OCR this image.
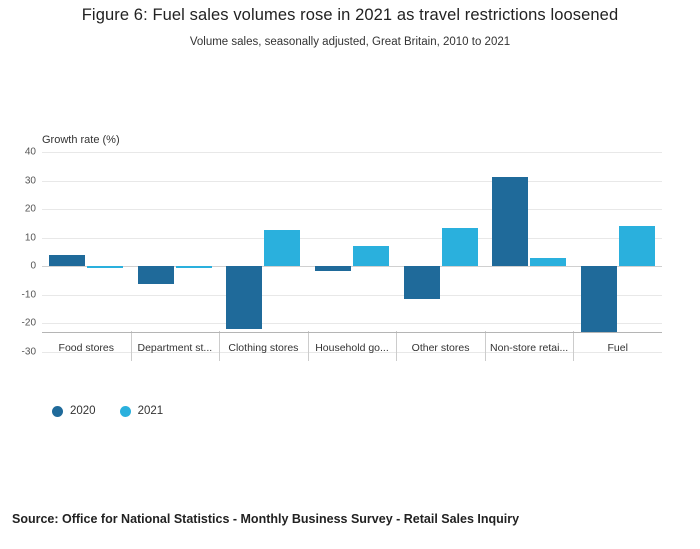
Figure 6: Fuel sales volumes rose in 2021 as travel restrictions loosened
Volume sales, seasonally adjusted, Great Britain, 2010 to 2021
Growth rate (%)
40
30
20
10
0
-10
-20
-30	Food stores	Department st...	Clothing stores	Household go...	Other stores	Non-store retai...	Fuel
2020	2021
Source: Office for National Statistics - Monthly Business Survey - Retail Sales Inquiry
